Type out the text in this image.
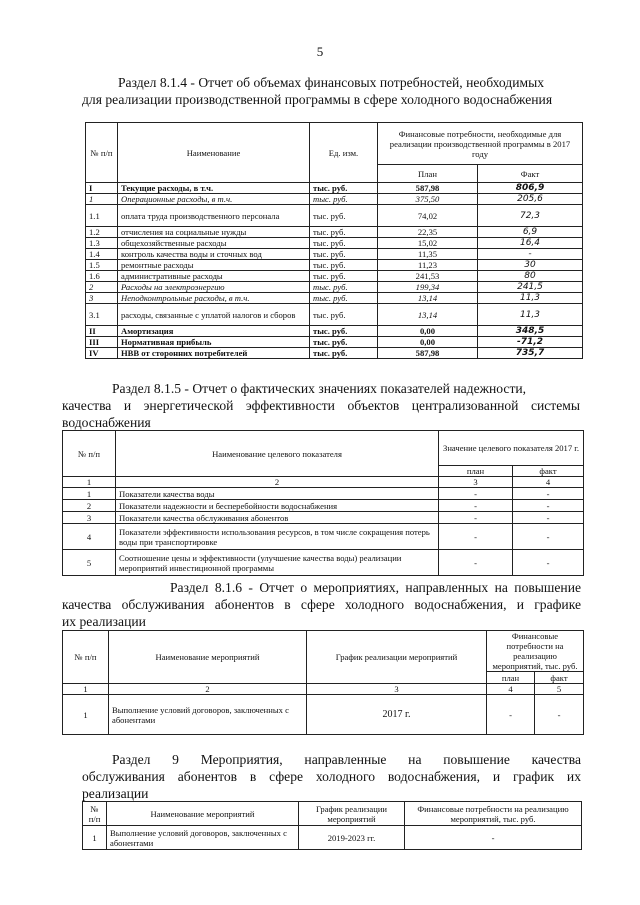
5
Раздел 8.1.4 - Отчет об объемах финансовых потребностей, необходимых
для реализации производственной программы в сфере холодного водоснабжения
№ п/п	Наименование	Ед. изм.	Финансовые потребности, необходимые для реализации производственной программы в 2017 году	
			План	Факт
I	Текущие расходы, в т.ч.	тыс. руб.	587,98	806,9
1	Операционные расходы, в т.ч.	тыс. руб.	375,50	205,6
1.1	оплата труда производственного персонала	тыс. руб.	74,02	72,3
1.2	отчисления на социальные нужды	тыс. руб.	22,35	6,9
1.3	общехозяйственные расходы	тыс. руб.	15,02	16,4
1.4	контроль качества воды и сточных вод	тыс. руб.	11,35	-
1.5	ремонтные расходы	тыс. руб.	11,23	30
1.6	административные расходы	тыс. руб.	241,53	80
2	Расходы на электроэнергию	тыс. руб.	199,34	241,5
3	Неподконтрольные расходы, в т.ч.	тыс. руб.	13,14	11,3
3.1	расходы, связанные с уплатой налогов и сборов	тыс. руб.	13,14	11,3
II	Амортизация	тыс. руб.	0,00	348,5
III	Нормативная прибыль	тыс. руб.	0,00	-71,2
IV	НВВ от сторонних потребителей	тыс. руб.	587,98	735,7
Раздел 8.1.5 - Отчет о фактических значениях показателей надежности,
качества и энергетической эффективности объектов централизованной системы
водоснабжения
№ п/п	Наименование целевого показателя	Значение целевого показателя 2017 г.	
		план	факт
1	2	3	4
1	Показатели качества воды	-	-
2	Показатели надежности и бесперебойности водоснабжения	-	-
3	Показатели качества обслуживания абонентов	-	-
4	Показатели эффективности использования ресурсов, в том числе сокращения потерь воды при транспортировке	-	-
5	Соотношение цены и эффективности (улучшение качества воды) реализации мероприятий инвестиционной программы	-	-
Раздел 8.1.6 - Отчет о мероприятиях, направленных на повышение
качества обслуживания абонентов в сфере холодного водоснабжения, и графике
их реализации
№ п/п	Наименование мероприятий	График реализации мероприятий	Финансовые потребности на реализацию мероприятий, тыс. руб.	
			план	факт
1	2	3	4	5
1	Выполнение условий договоров, заключенных с абонентами	2017 г.	-	-
Раздел 9 Мероприятия, направленные на повышение качества
обслуживания абонентов в сфере холодного водоснабжения, и график их
реализации
№ п/п	Наименование мероприятий	График реализации мероприятий	Финансовые потребности на реализацию мероприятий, тыс. руб.
1	Выполнение условий договоров, заключенных с абонентами	2019-2023 гг.	-
